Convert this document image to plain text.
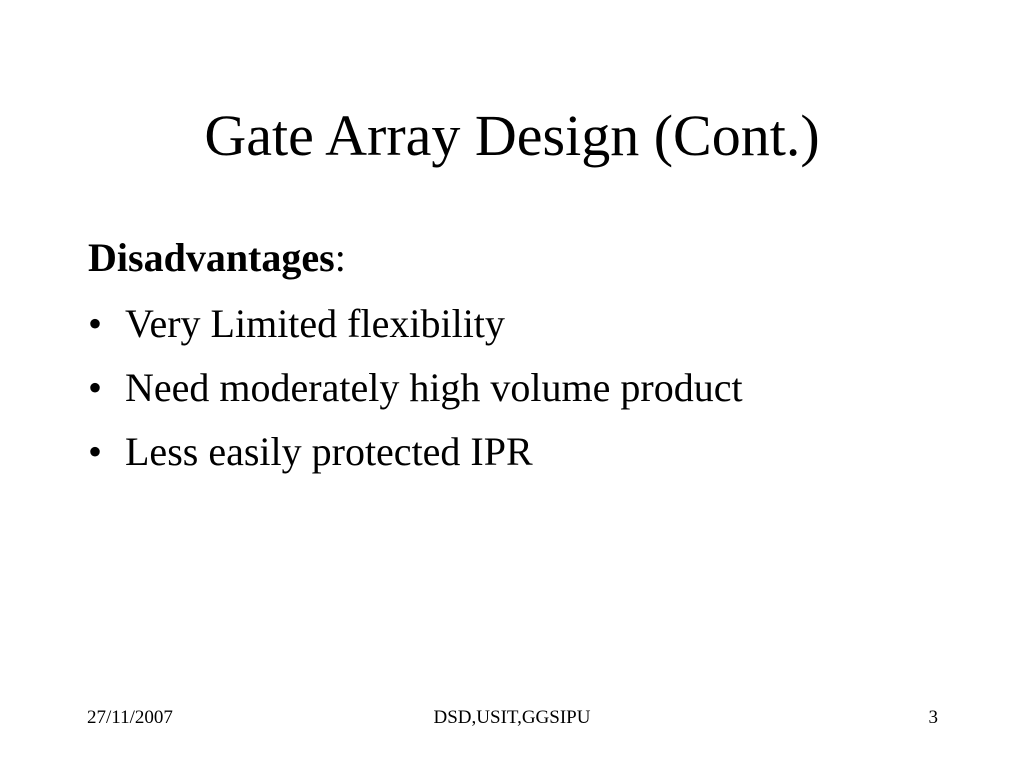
Gate Array Design (Cont.)

Disadvantages:

• Very Limited flexibility
• Need moderately high volume product
• Less easily protected IPR
27/11/2007	DSD,USIT,GGSIPU	3
